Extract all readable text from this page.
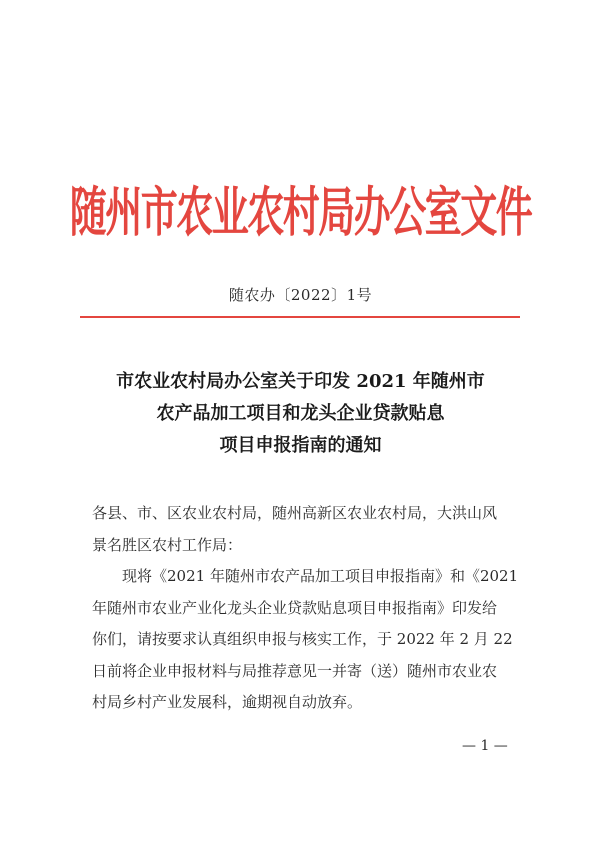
随州市农业农村局办公室文件
随农办〔2022〕1号
市农业农村局办公室关于印发 2021 年随州市
农产品加工项目和龙头企业贷款贴息
项目申报指南的通知
各县、市、区农业农村局，随州高新区农业农村局，大洪山风
景名胜区农村工作局：
　　现将《2021 年随州市农产品加工项目申报指南》和《2021
年随州市农业产业化龙头企业贷款贴息项目申报指南》印发给
你们，请按要求认真组织申报与核实工作，于 2022 年 2 月 22
日前将企业申报材料与局推荐意见一并寄（送）随州市农业农
村局乡村产业发展科，逾期视自动放弃。
— 1 —
